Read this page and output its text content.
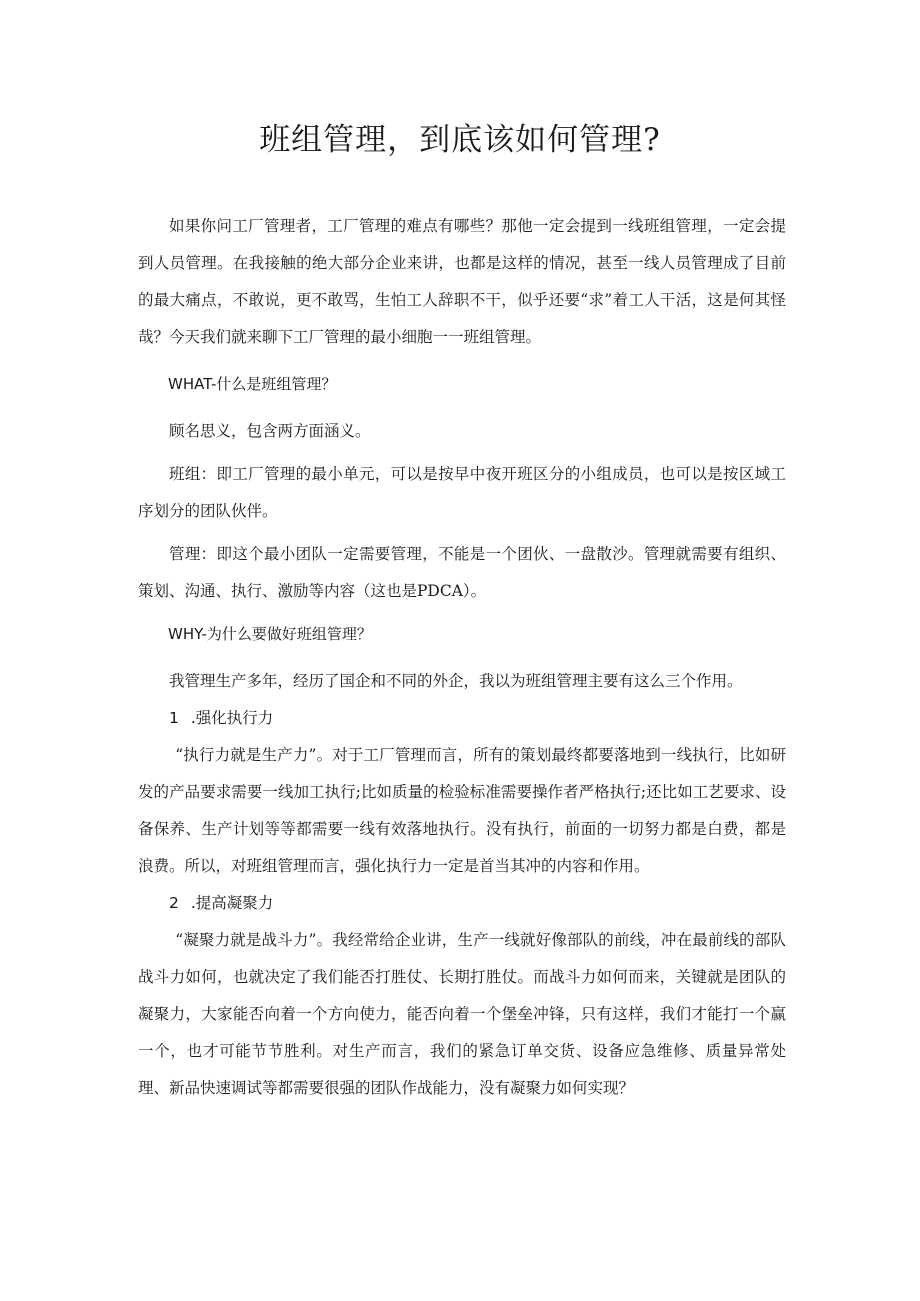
班组管理，到底该如何管理?

如果你问工厂管理者，工厂管理的难点有哪些？那他一定会提到一线班组管理，一定会提到人员管理。在我接触的绝大部分企业来讲，也都是这样的情况，甚至一线人员管理成了目前的最大痛点，不敢说，更不敢骂，生怕工人辞职不干，似乎还要“求”着工人干活，这是何其怪哉？今天我们就来聊下工厂管理的最小细胞一一班组管理。

WHAT-什么是班组管理？

顾名思义，包含两方面涵义。

班组：即工厂管理的最小单元，可以是按早中夜开班区分的小组成员，也可以是按区域工序划分的团队伙伴。

管理：即这个最小团队一定需要管理，不能是一个团伙、一盘散沙。管理就需要有组织、策划、沟通、执行、激励等内容（这也是PDCA）。

WHY-为什么要做好班组管理？

我管理生产多年，经历了国企和不同的外企，我以为班组管理主要有这么三个作用。

1 .强化执行力

“执行力就是生产力”。对于工厂管理而言，所有的策划最终都要落地到一线执行，比如研发的产品要求需要一线加工执行;比如质量的检验标准需要操作者严格执行;还比如工艺要求、设备保养、生产计划等等都需要一线有效落地执行。没有执行，前面的一切努力都是白费，都是浪费。所以，对班组管理而言，强化执行力一定是首当其冲的内容和作用。

2 .提高凝聚力

“凝聚力就是战斗力”。我经常给企业讲，生产一线就好像部队的前线，冲在最前线的部队战斗力如何，也就决定了我们能否打胜仗、长期打胜仗。而战斗力如何而来，关键就是团队的凝聚力，大家能否向着一个方向使力，能否向着一个堡垒冲锋，只有这样，我们才能打一个赢一个，也才可能节节胜利。对生产而言，我们的紧急订单交货、设备应急维修、质量异常处理、新品快速调试等都需要很强的团队作战能力，没有凝聚力如何实现？
